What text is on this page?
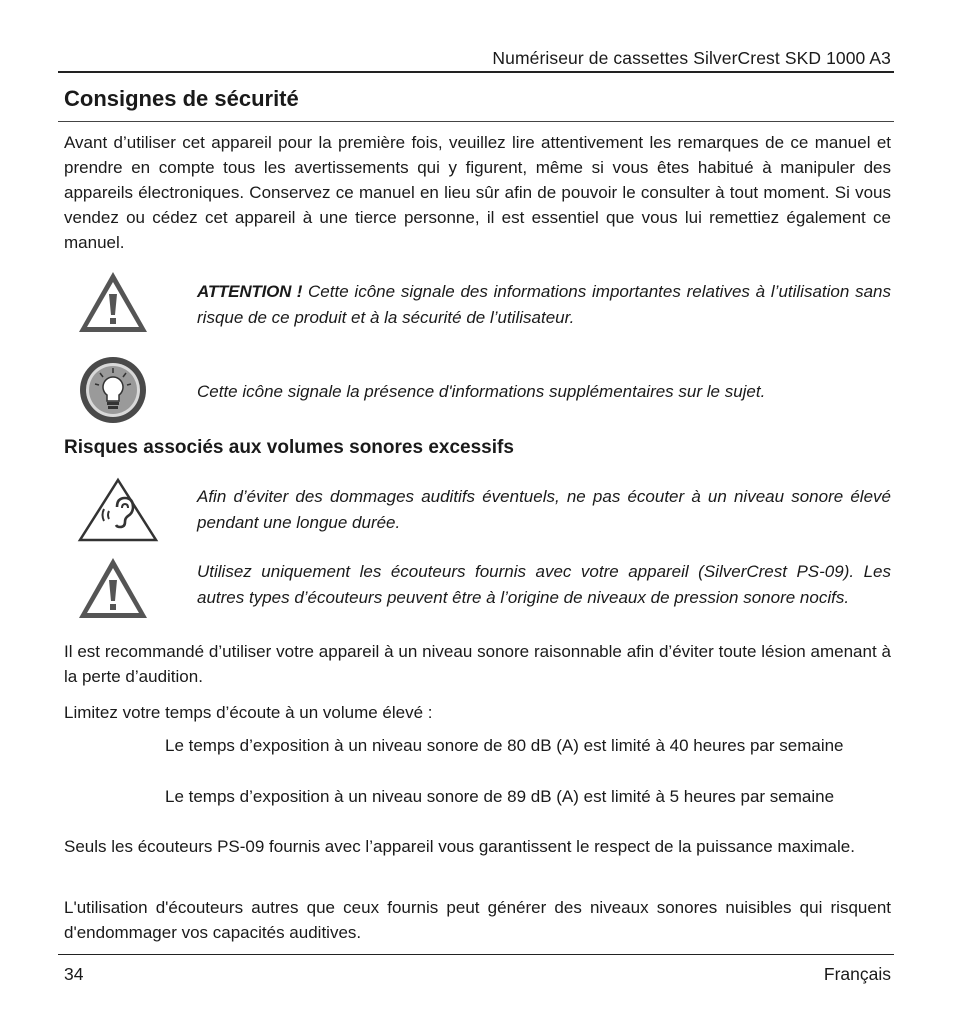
Numériseur de cassettes SilverCrest SKD 1000 A3
Consignes de sécurité
Avant d’utiliser cet appareil pour la première fois, veuillez lire attentivement les remarques de ce manuel et prendre en compte tous les avertissements qui y figurent, même si vous êtes habitué à manipuler des appareils électroniques. Conservez ce manuel en lieu sûr afin de pouvoir le consulter à tout moment. Si vous vendez ou cédez cet appareil à une tierce personne, il est essentiel que vous lui remettiez également ce manuel.
ATTENTION ! Cette icône signale des informations importantes relatives à l’utilisation sans risque de ce produit et à la sécurité de l’utilisateur.
Cette icône signale la présence d'informations supplémentaires sur le sujet.
Risques associés aux volumes sonores excessifs
Afin d’éviter des dommages auditifs éventuels, ne pas écouter à un niveau sonore élevé pendant une longue durée.
Utilisez uniquement les écouteurs fournis avec votre appareil (SilverCrest PS-09). Les autres types d’écouteurs peuvent être à l’origine de niveaux de pression sonore nocifs.
Il est recommandé d’utiliser votre appareil à un niveau sonore raisonnable afin d’éviter toute lésion amenant à la perte d’audition.
Limitez votre temps d’écoute à un volume élevé :
Le temps d’exposition à un niveau sonore de 80 dB (A) est limité à 40 heures par semaine
Le temps d’exposition à un niveau sonore de 89 dB (A) est limité à 5 heures par semaine
Seuls les écouteurs PS-09 fournis avec l’appareil vous garantissent le respect de la puissance maximale.
L'utilisation d'écouteurs autres que ceux fournis peut générer des niveaux sonores nuisibles qui risquent d'endommager vos capacités auditives.
34	Français
